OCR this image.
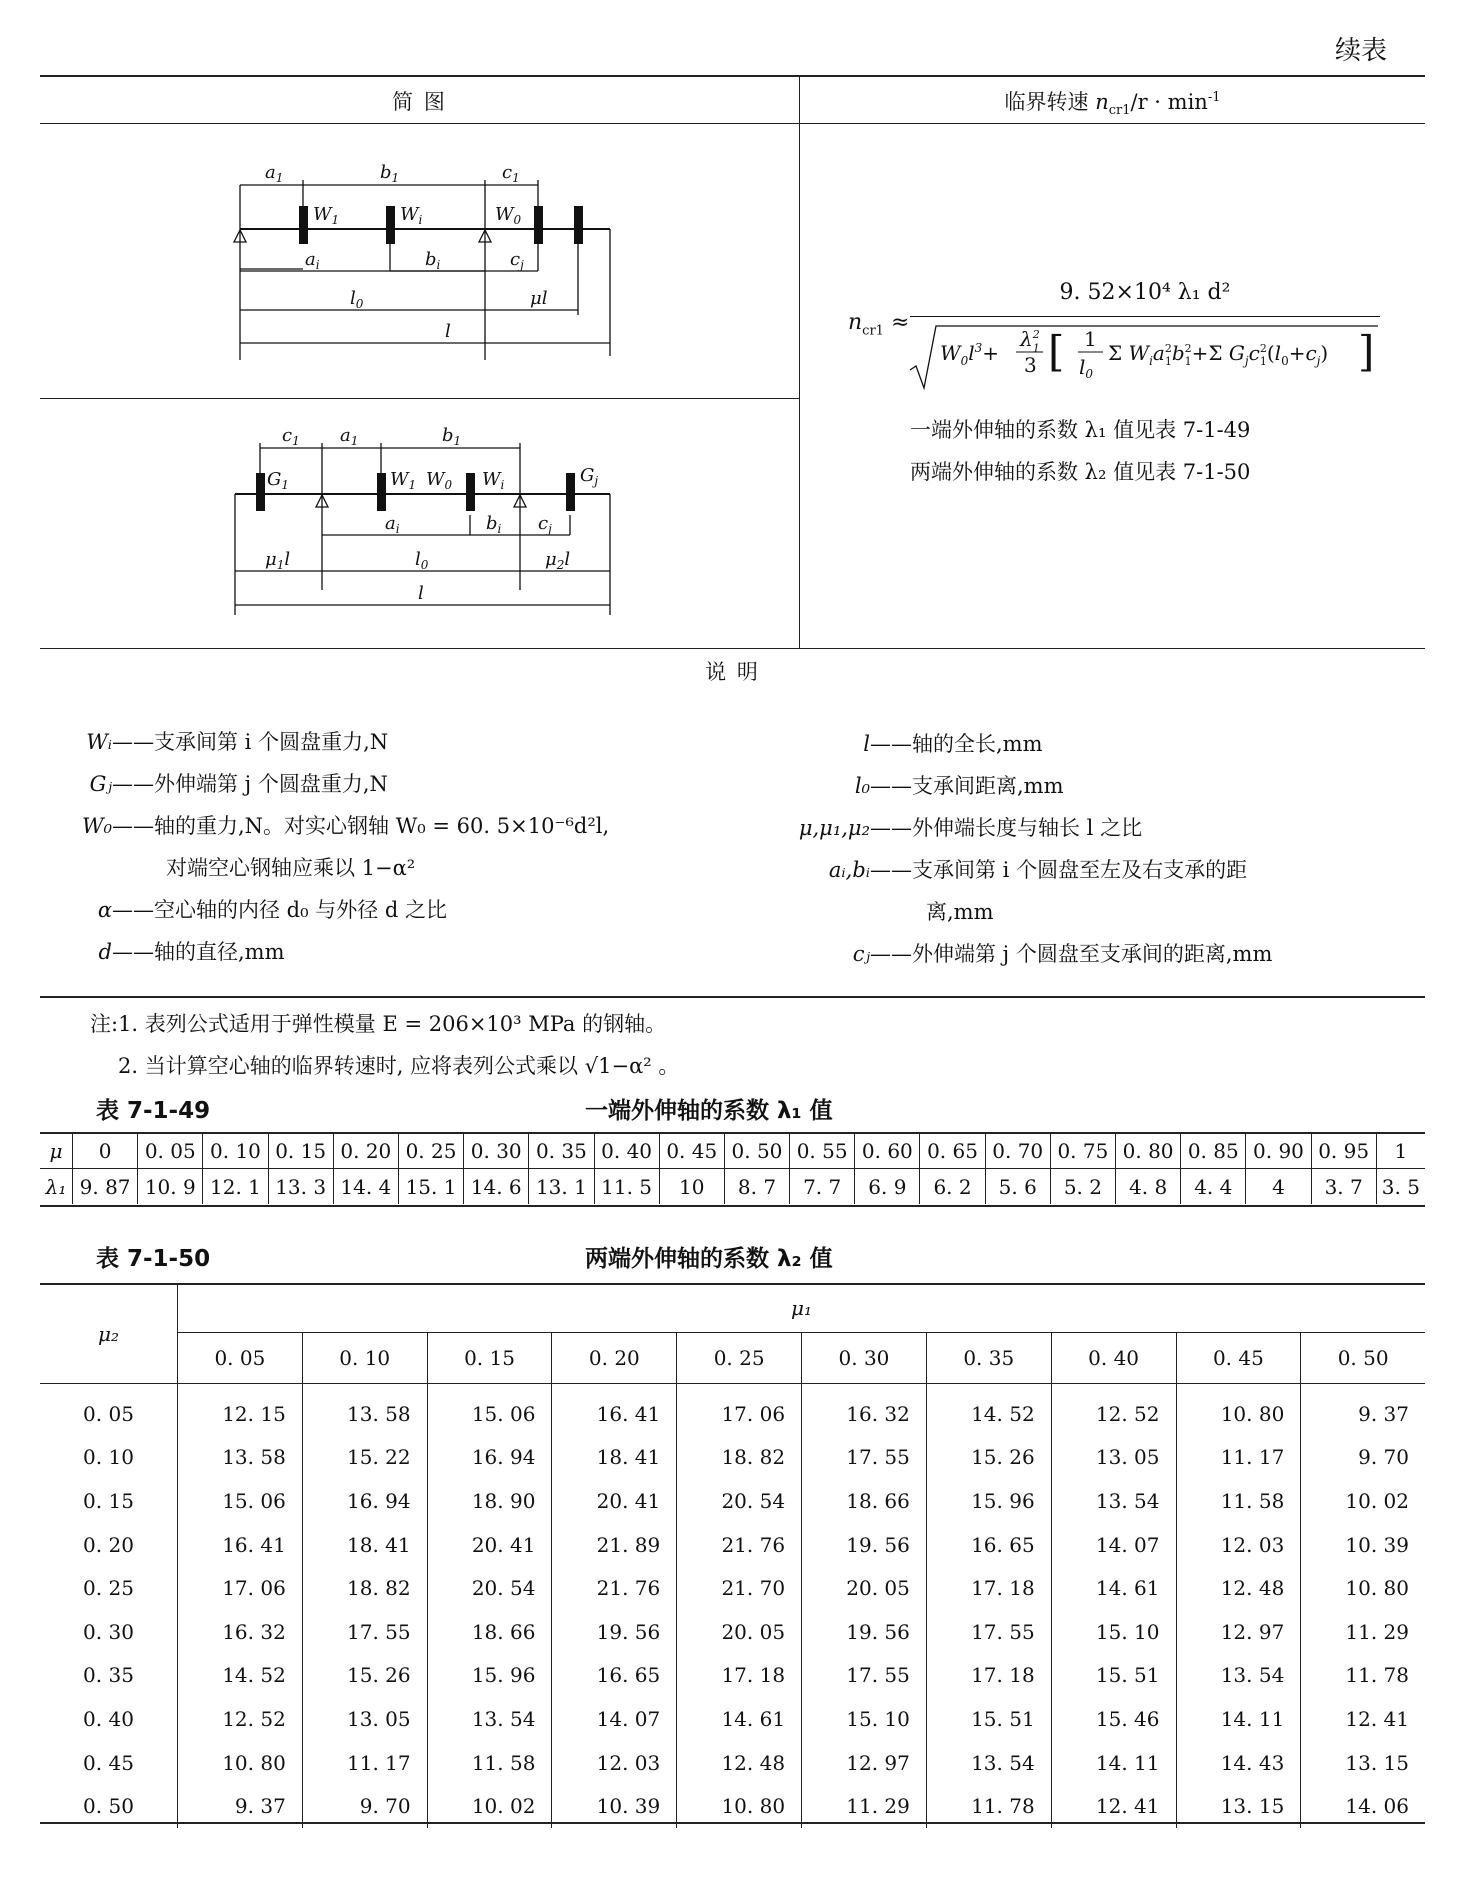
续表
简 图	临界转速 $n_{cr1}/r \cdot \min^{-1}$
$a_1$	$b_1$	$c_1$
$W_1$	$W_i$	$W_0$
$a_i$	$b_i$	$c_j$
$l_0$	μl
l
$c_1$ $a_1$	$b_1$
$G_1$	$W_1$ $W_0$ $W_i$	$G_j$
$a_i$	$b_i$ $c_j$
$\mu_1l$	$l_0$	$\mu_2l$
l
$n_{cr1}$ ≈
9. 52×10⁴ λ₁ d²
$W_0l^3+$
$\lambda^2$ 1
3 [ 1
$l_0$
Σ $W_ia^2$ $1b^2$ 1+Σ $G_jc^2$ $1(l_0+c_j)$ ]
一端外伸轴的系数 λ₁ 值见表 7-1-49
两端外伸轴的系数 λ₂ 值见表 7-1-50
说 明
Wᵢ——支承间第 i 个圆盘重力,N
Gⱼ——外伸端第 j 个圆盘重力,N
W₀——轴的重力,N。对实心钢轴 W₀ = 60. 5×10⁻⁶d²l,
对端空心钢轴应乘以 1−α²
α——空心轴的内径 d₀ 与外径 d 之比
d——轴的直径,mm
l——轴的全长,mm
l₀——支承间距离,mm
μ,μ₁,μ₂——外伸端长度与轴长 l 之比
aᵢ,bᵢ——支承间第 i 个圆盘至左及右支承的距
离,mm
cⱼ——外伸端第 j 个圆盘至支承间的距离,mm
注:1. 表列公式适用于弹性模量 E = 206×10³ MPa 的钢轴。
2. 当计算空心轴的临界转速时, 应将表列公式乘以 √1−α² 。
表 7-1-49	一端外伸轴的系数 λ₁ 值
μ	0	0. 05	0. 10	0. 15	0. 20	0. 25	0. 30	0. 35	0. 40	0. 45	0. 50	0. 55	0. 60	0. 65	0. 70	0. 75	0. 80	0. 85	0. 90	0. 95	1
λ₁	9. 87	10. 9	12. 1	13. 3	14. 4	15. 1	14. 6	13. 1	11. 5	10	8. 7	7. 7	6. 9	6. 2	5. 6	5. 2	4. 8	4. 4	4	3. 7	3. 5
表 7-1-50	两端外伸轴的系数 λ₂ 值
μ₂	μ₁									
	0. 05	0. 10	0. 15	0. 20	0. 25	0. 30	0. 35	0. 40	0. 45	0. 50
0. 05	12. 15	13. 58	15. 06	16. 41	17. 06	16. 32	14. 52	12. 52	10. 80	9. 37
0. 10	13. 58	15. 22	16. 94	18. 41	18. 82	17. 55	15. 26	13. 05	11. 17	9. 70
0. 15	15. 06	16. 94	18. 90	20. 41	20. 54	18. 66	15. 96	13. 54	11. 58	10. 02
0. 20	16. 41	18. 41	20. 41	21. 89	21. 76	19. 56	16. 65	14. 07	12. 03	10. 39
0. 25	17. 06	18. 82	20. 54	21. 76	21. 70	20. 05	17. 18	14. 61	12. 48	10. 80
0. 30	16. 32	17. 55	18. 66	19. 56	20. 05	19. 56	17. 55	15. 10	12. 97	11. 29
0. 35	14. 52	15. 26	15. 96	16. 65	17. 18	17. 55	17. 18	15. 51	13. 54	11. 78
0. 40	12. 52	13. 05	13. 54	14. 07	14. 61	15. 10	15. 51	15. 46	14. 11	12. 41
0. 45	10. 80	11. 17	11. 58	12. 03	12. 48	12. 97	13. 54	14. 11	14. 43	13. 15
0. 50	9. 37	9. 70	10. 02	10. 39	10. 80	11. 29	11. 78	12. 41	13. 15	14. 06
